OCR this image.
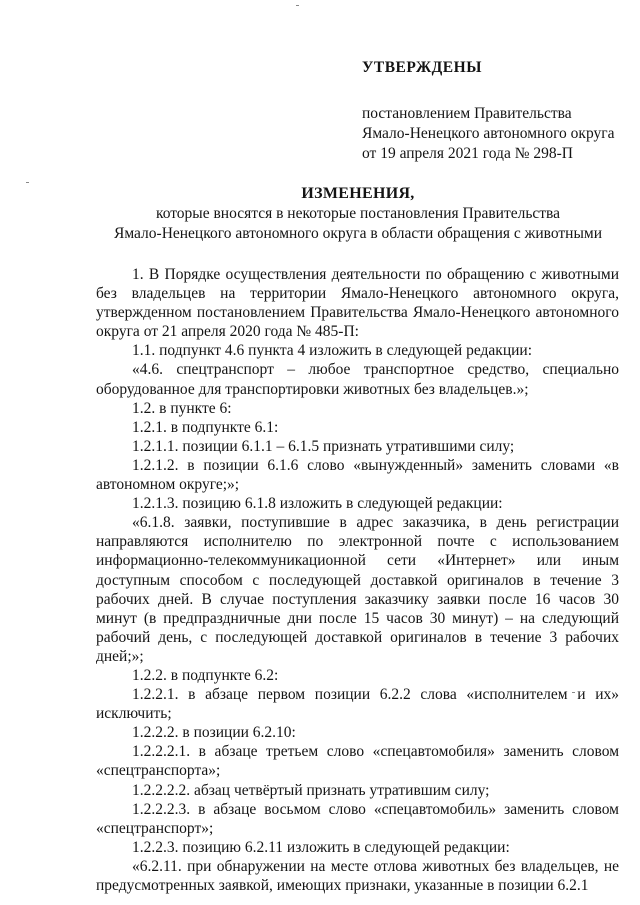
УТВЕРЖДЕНЫ
постановлением Правительства
Ямало-Ненецкого автономного округа
от 19 апреля 2021 года № 298-П
ИЗМЕНЕНИЯ,
которые вносятся в некоторые постановления Правительства
Ямало-Ненецкого автономного округа в области обращения с животными

1. В Порядке осуществления деятельности по обращению с животными без владельцев на территории Ямало-Ненецкого автономного округа, утвержденном постановлением Правительства Ямало-Ненецкого автономного округа от 21 апреля 2020 года № 485-П:

1.1. подпункт 4.6 пункта 4 изложить в следующей редакции:

«4.6. спецтранспорт – любое транспортное средство, специально оборудованное для транспортировки животных без владельцев.»;

1.2. в пункте 6:

1.2.1. в подпункте 6.1:

1.2.1.1. позиции 6.1.1 – 6.1.5 признать утратившими силу;

1.2.1.2. в позиции 6.1.6 слово «вынужденный» заменить словами «в автономном округе;»;

1.2.1.3. позицию 6.1.8 изложить в следующей редакции:

«6.1.8. заявки, поступившие в адрес заказчика, в день регистрации направляются исполнителю по электронной почте с использованием информационно-телекоммуникационной сети «Интернет» или иным доступным способом с последующей доставкой оригиналов в течение 3 рабочих дней. В случае поступления заказчику заявки после 16 часов 30 минут (в предпраздничные дни после 15 часов 30 минут) – на следующий рабочий день, с последующей доставкой оригиналов в течение 3 рабочих дней;»;

1.2.2. в подпункте 6.2:

1.2.2.1. в абзаце первом позиции 6.2.2 слова «исполнителем и их» исключить;

1.2.2.2. в позиции 6.2.10:

1.2.2.2.1. в абзаце третьем слово «спецавтомобиля» заменить словом «спецтранспорта»;

1.2.2.2.2. абзац четвёртый признать утратившим силу;

1.2.2.2.3. в абзаце восьмом слово «спецавтомобиль» заменить словом «спецтранспорт»;

1.2.2.3. позицию 6.2.11 изложить в следующей редакции:

«6.2.11. при обнаружении на месте отлова животных без владельцев, не предусмотренных заявкой, имеющих признаки, указанные в позиции 6.2.1
